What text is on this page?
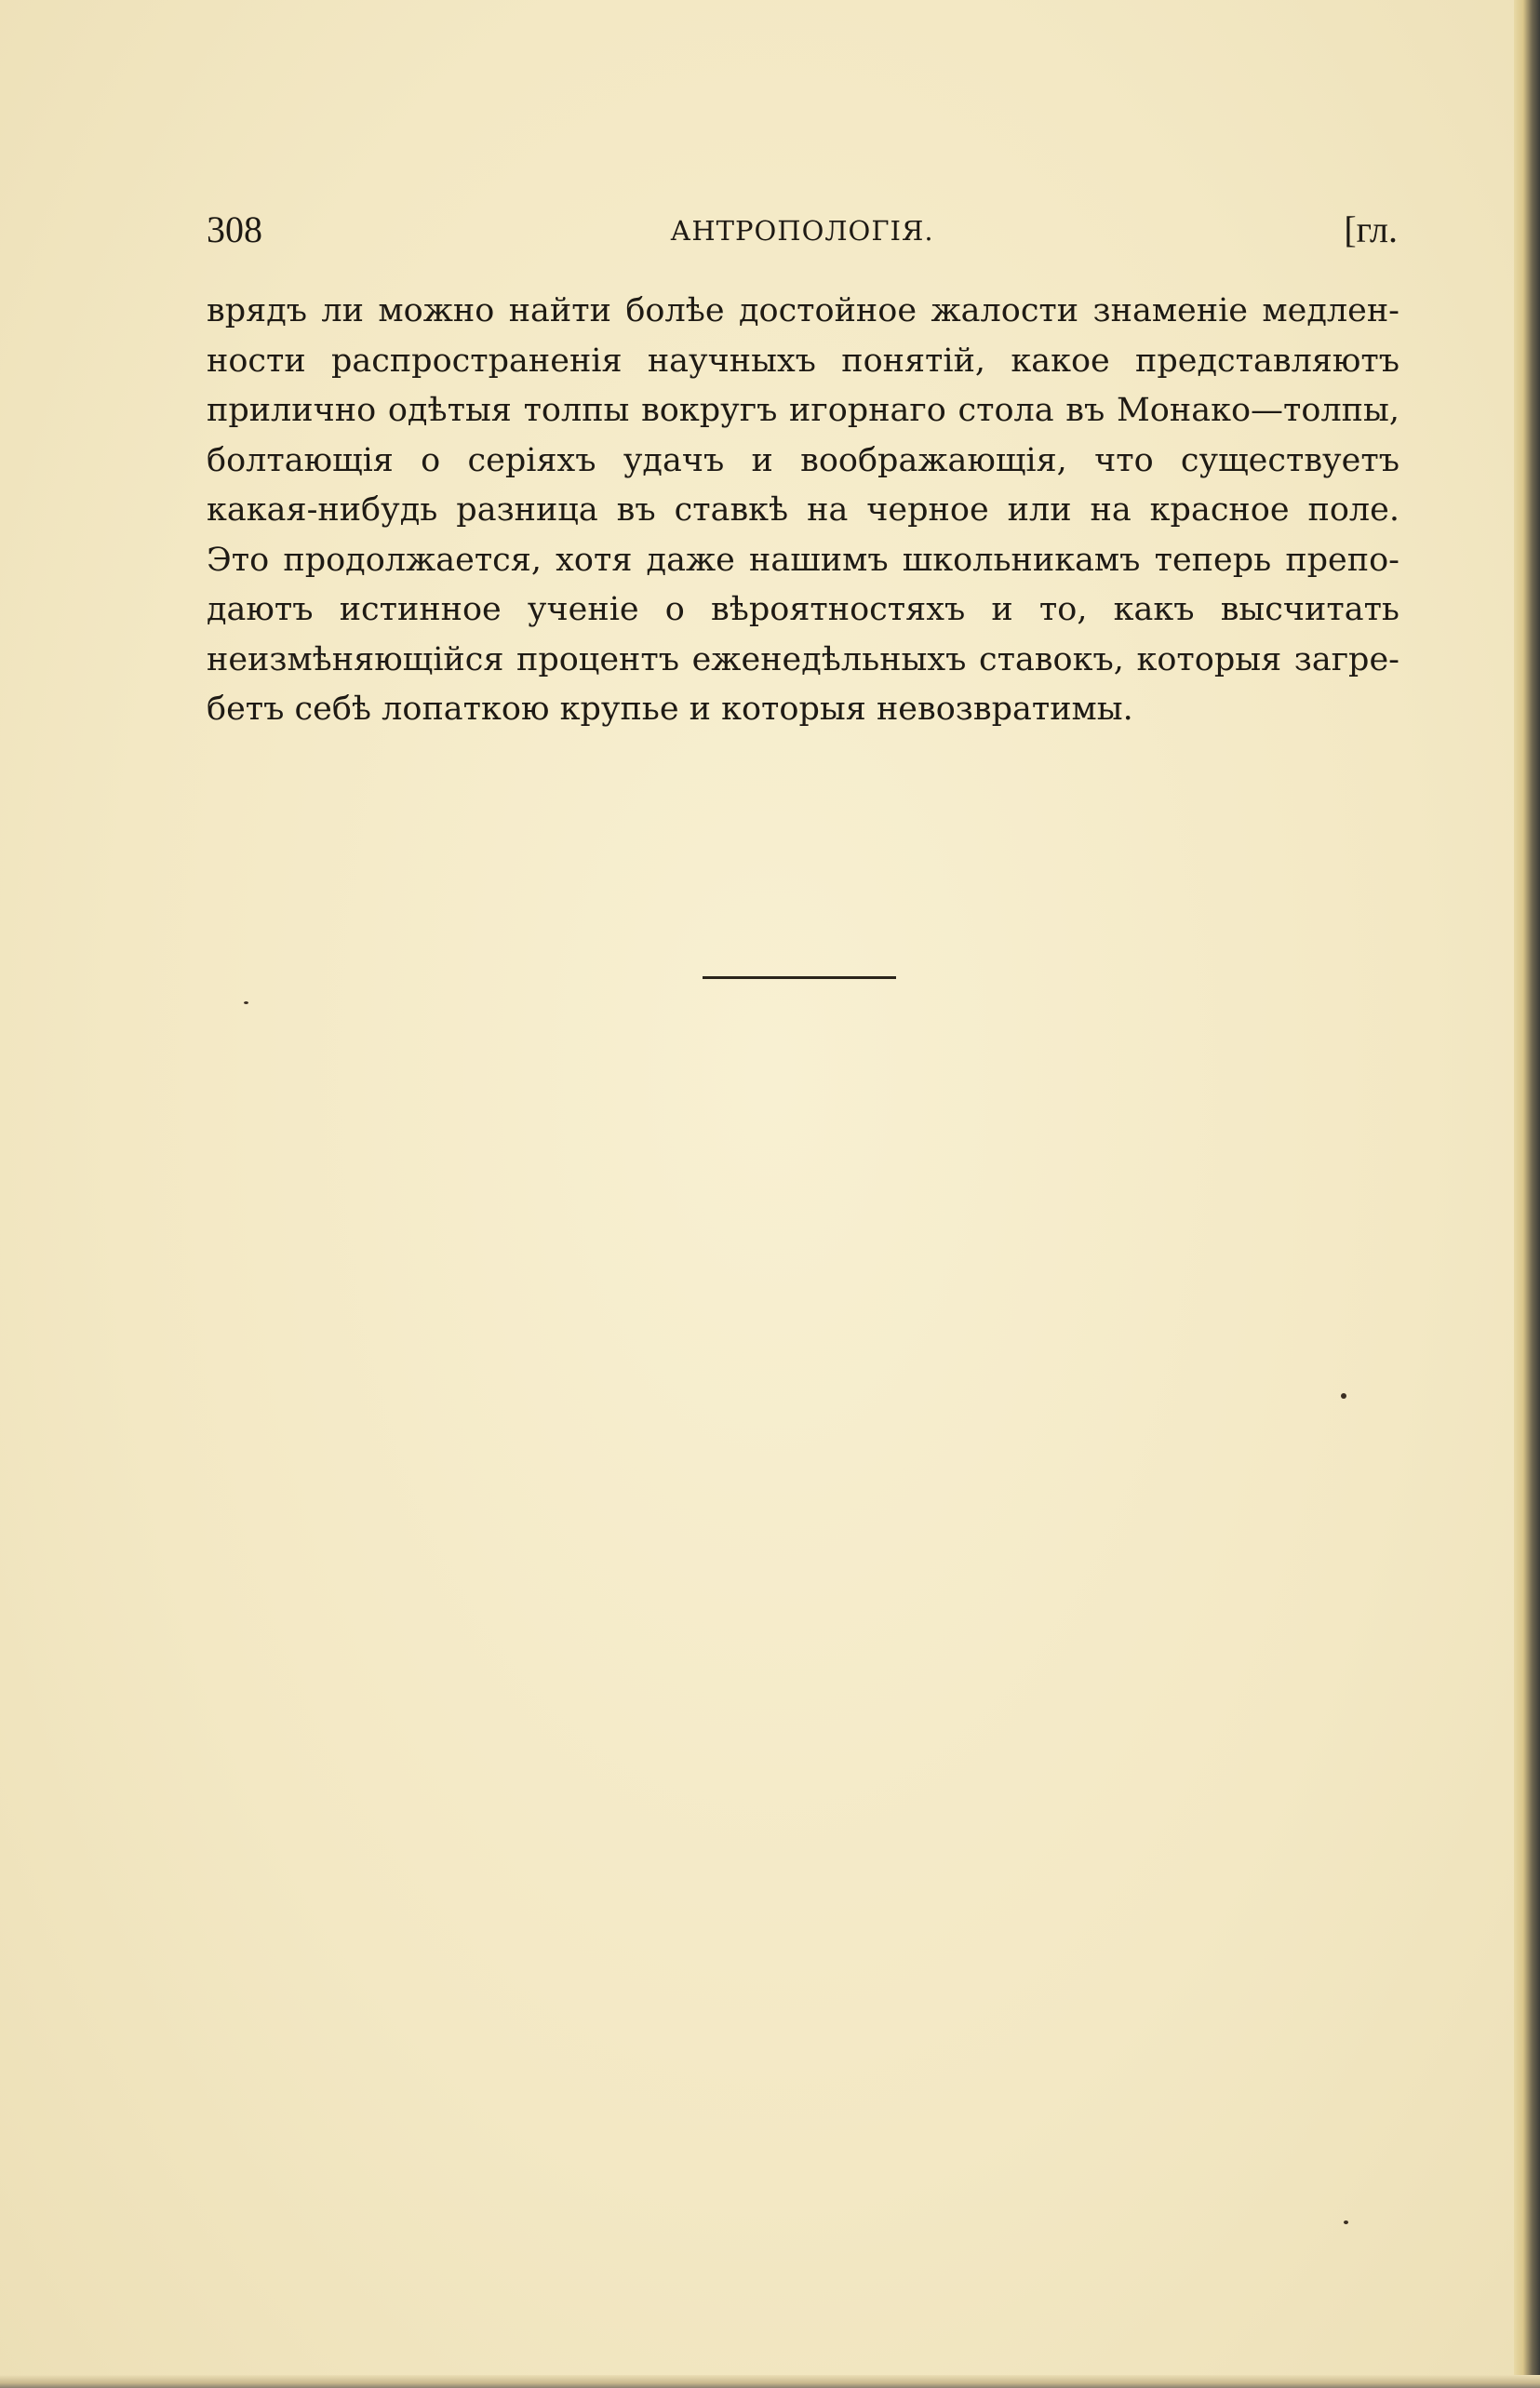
308	АНТРОПОЛОГІЯ.	[гл.
врядъ ли можно найти болѣе достойное жалости знаменіе медлен-
ности распространенія научныхъ понятій, какое представляютъ
прилично одѣтыя толпы вокругъ игорнаго стола въ Монако—толпы,
болтающія о серіяхъ удачъ и воображающія, что существуетъ
какая-нибудь разница въ ставкѣ на черное или на красное поле.
Это продолжается, хотя даже нашимъ школьникамъ теперь препо-
даютъ истинное ученіе о вѣроятностяхъ и то, какъ высчитать
неизмѣняющійся процентъ еженедѣльныхъ ставокъ, которыя загре-
бетъ себѣ лопаткою крупье и которыя невозвратимы.
